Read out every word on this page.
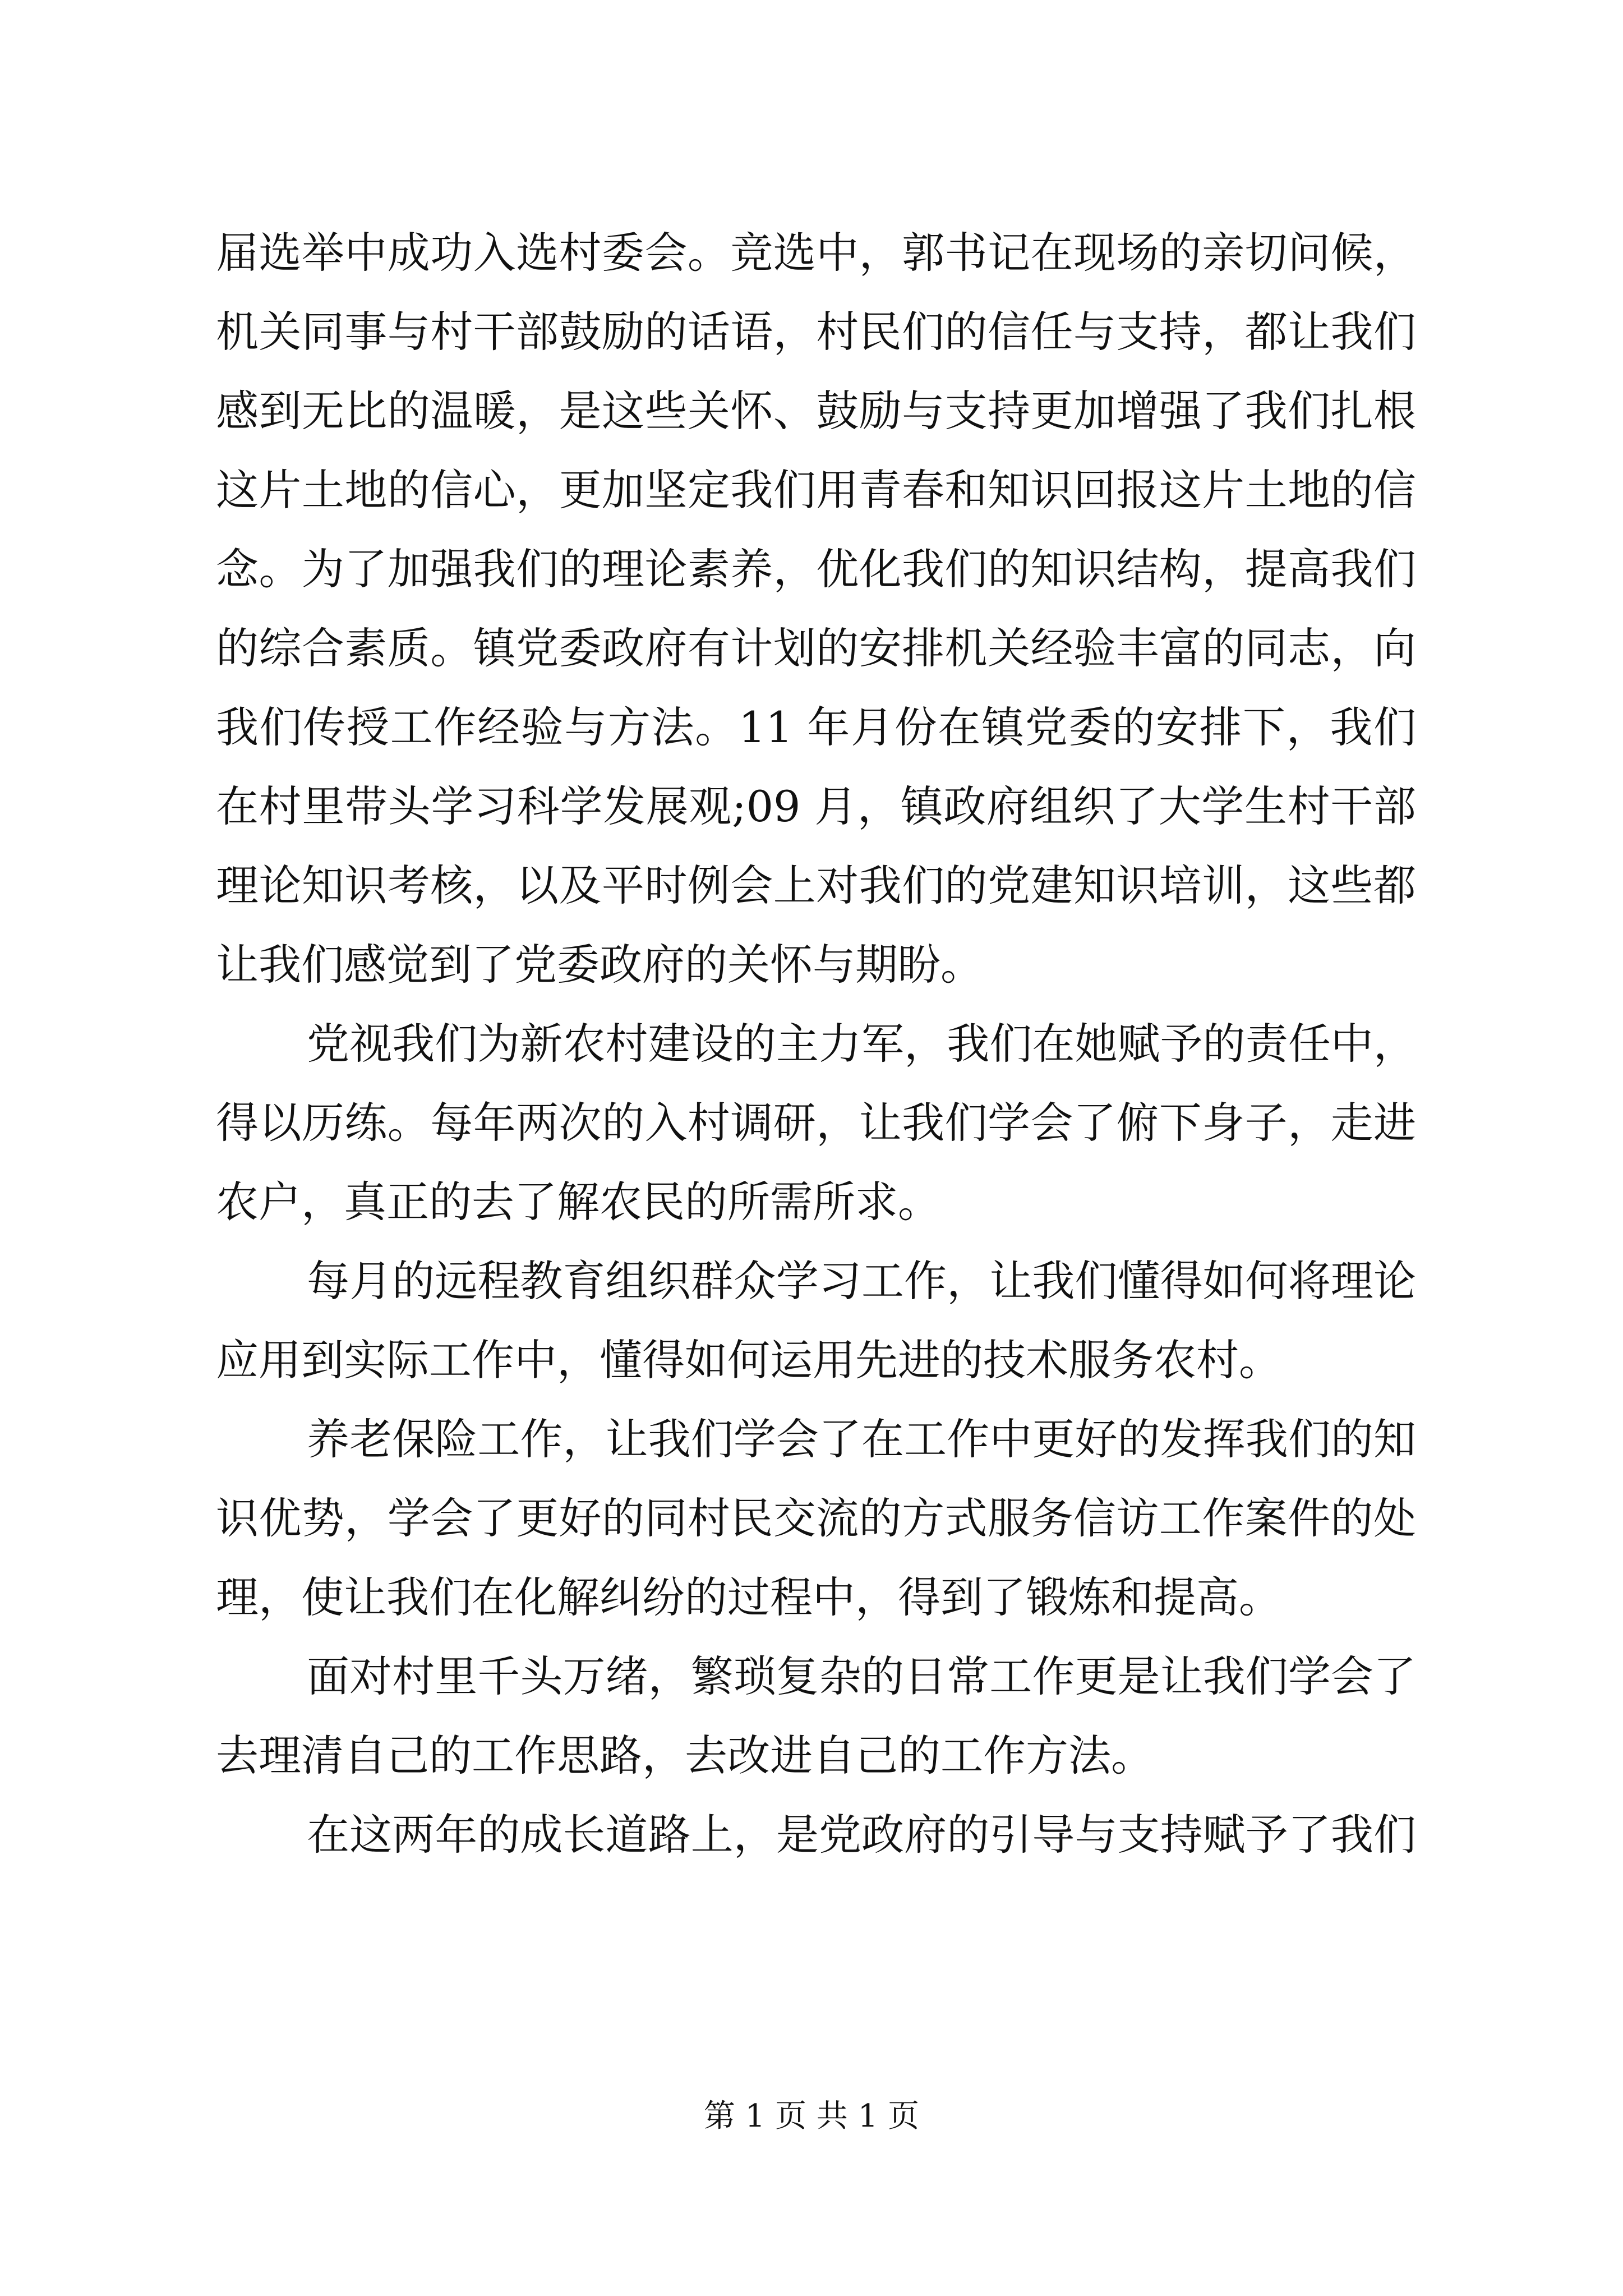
届选举中成功入选村委会。竞选中，郭书记在现场的亲切问候，
机关同事与村干部鼓励的话语，村民们的信任与支持，都让我们
感到无比的温暖，是这些关怀、鼓励与支持更加增强了我们扎根
这片土地的信心，更加坚定我们用青春和知识回报这片土地的信
念。为了加强我们的理论素养，优化我们的知识结构，提高我们
的综合素质。镇党委政府有计划的安排机关经验丰富的同志，向
我们传授工作经验与方法。11 年月份在镇党委的安排下，我们
在村里带头学习科学发展观;09 月，镇政府组织了大学生村干部
理论知识考核，以及平时例会上对我们的党建知识培训，这些都
让我们感觉到了党委政府的关怀与期盼。
党视我们为新农村建设的主力军，我们在她赋予的责任中，
得以历练。每年两次的入村调研，让我们学会了俯下身子，走进
农户，真正的去了解农民的所需所求。
每月的远程教育组织群众学习工作，让我们懂得如何将理论
应用到实际工作中，懂得如何运用先进的技术服务农村。
养老保险工作，让我们学会了在工作中更好的发挥我们的知
识优势，学会了更好的同村民交流的方式服务信访工作案件的处
理，使让我们在化解纠纷的过程中，得到了锻炼和提高。
面对村里千头万绪，繁琐复杂的日常工作更是让我们学会了
去理清自己的工作思路，去改进自己的工作方法。
在这两年的成长道路上，是党政府的引导与支持赋予了我们
第 1 页 共 1 页
